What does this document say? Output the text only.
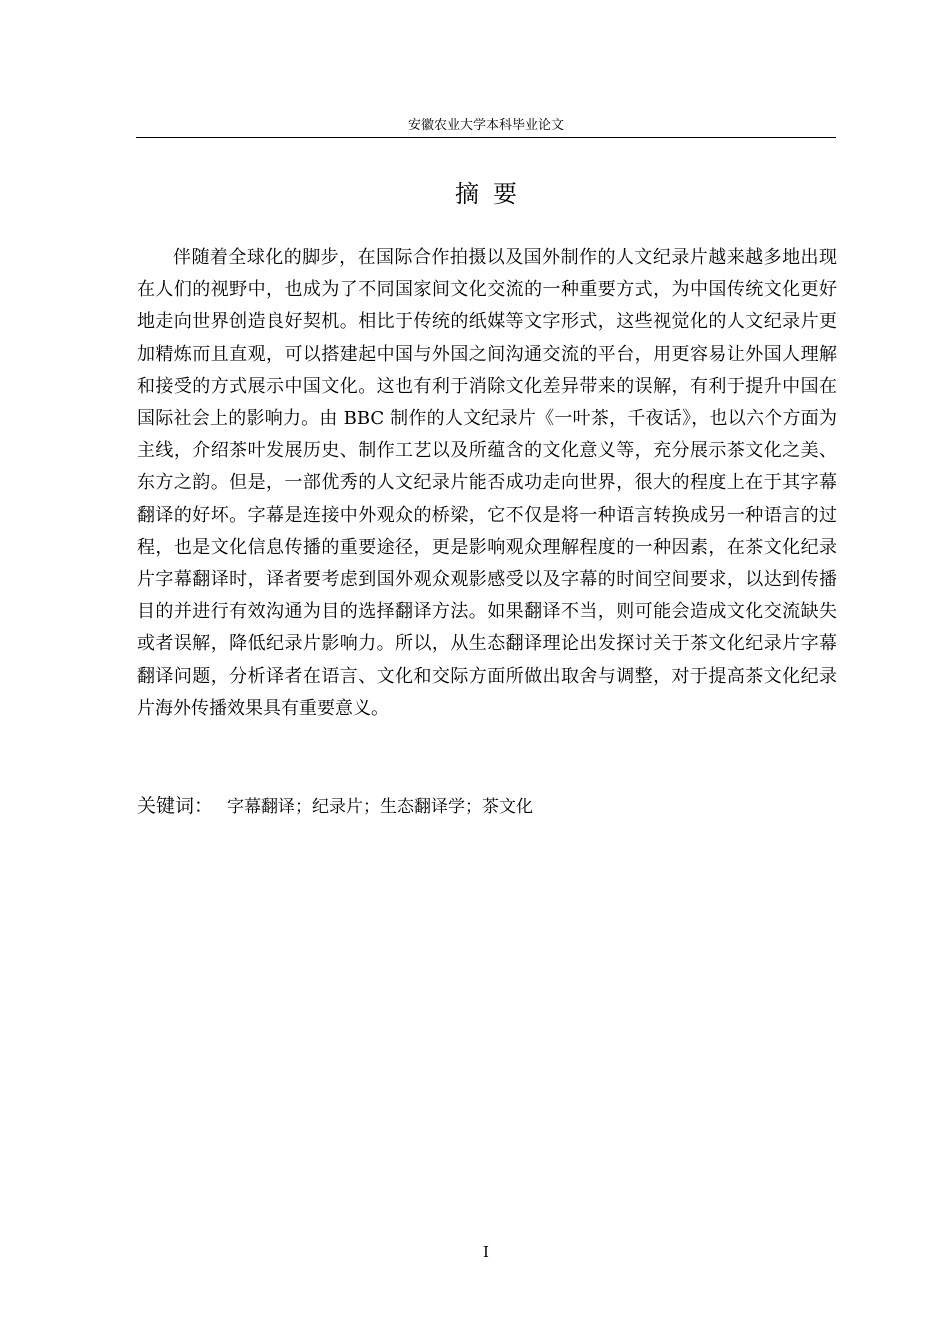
安徽农业大学本科毕业论文
摘要

伴随着全球化的脚步，在国际合作拍摄以及国外制作的人文纪录片越来越多地出现在人们的视野中，也成为了不同国家间文化交流的一种重要方式，为中国传统文化更好地走向世界创造良好契机。相比于传统的纸媒等文字形式，这些视觉化的人文纪录片更加精炼而且直观，可以搭建起中国与外国之间沟通交流的平台，用更容易让外国人理解和接受的方式展示中国文化。这也有利于消除文化差异带来的误解，有利于提升中国在国际社会上的影响力。由 BBC 制作的人文纪录片《一叶茶，千夜话》，也以六个方面为主线，介绍茶叶发展历史、制作工艺以及所蕴含的文化意义等，充分展示茶文化之美、东方之韵。但是，一部优秀的人文纪录片能否成功走向世界，很大的程度上在于其字幕翻译的好坏。字幕是连接中外观众的桥梁，它不仅是将一种语言转换成另一种语言的过程，也是文化信息传播的重要途径，更是影响观众理解程度的一种因素，在茶文化纪录片字幕翻译时，译者要考虑到国外观众观影感受以及字幕的时间空间要求，以达到传播目的并进行有效沟通为目的选择翻译方法。如果翻译不当，则可能会造成文化交流缺失或者误解，降低纪录片影响力。所以，从生态翻译理论出发探讨关于茶文化纪录片字幕翻译问题，分析译者在语言、文化和交际方面所做出取舍与调整，对于提高茶文化纪录片海外传播效果具有重要意义。

关键词： 字幕翻译；纪录片；生态翻译学；茶文化
I
